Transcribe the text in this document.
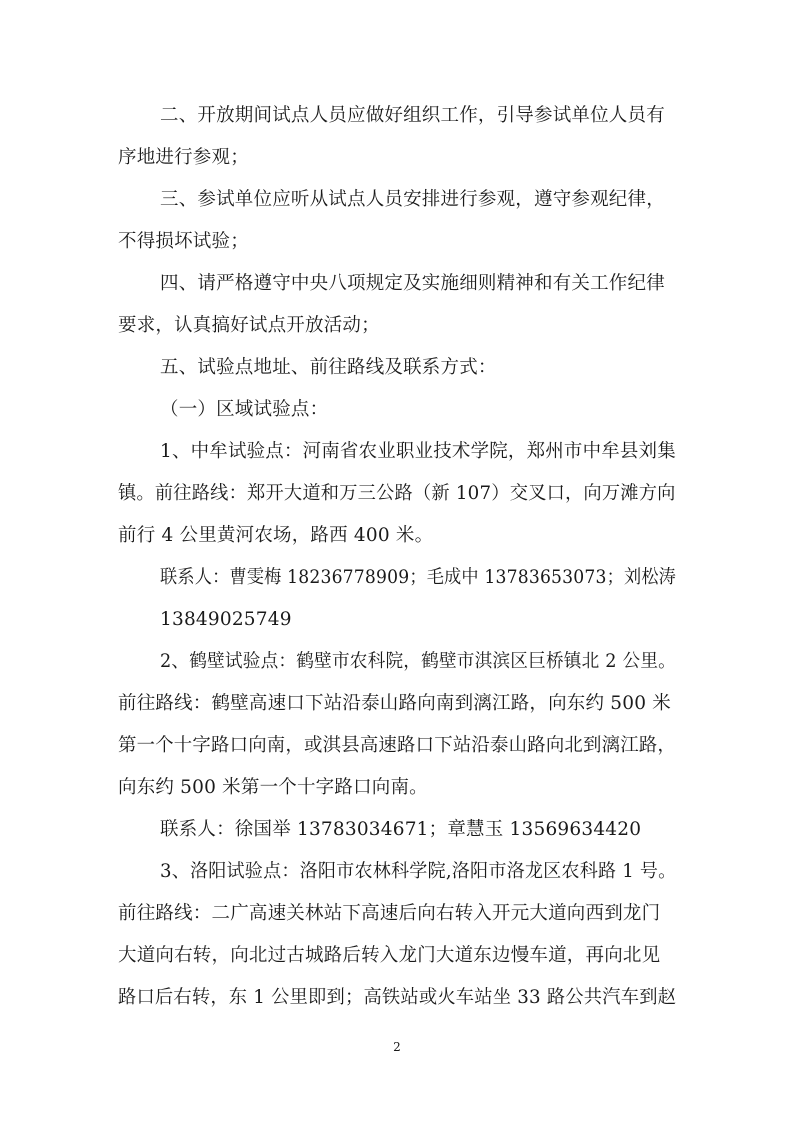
二、开放期间试点人员应做好组织工作，引导参试单位人员有
序地进行参观；
三、参试单位应听从试点人员安排进行参观，遵守参观纪律，
不得损坏试验；
四、请严格遵守中央八项规定及实施细则精神和有关工作纪律
要求，认真搞好试点开放活动；
五、试验点地址、前往路线及联系方式：
（一）区域试验点：
1、中牟试验点：河南省农业职业技术学院，郑州市中牟县刘集
镇。前往路线：郑开大道和万三公路（新 107）交叉口，向万滩方向
前行 4 公里黄河农场，路西 400 米。
联系人：曹雯梅 18236778909；毛成中 13783653073；刘松涛
13849025749
2、鹤壁试验点：鹤壁市农科院，鹤壁市淇滨区巨桥镇北 2 公里。
前往路线：鹤壁高速口下站沿泰山路向南到漓江路，向东约 500 米
第一个十字路口向南，或淇县高速路口下站沿泰山路向北到漓江路，
向东约 500 米第一个十字路口向南。
联系人：徐国举 13783034671；章慧玉 13569634420
3、洛阳试验点：洛阳市农林科学院,洛阳市洛龙区农科路 1 号。
前往路线：二广高速关林站下高速后向右转入开元大道向西到龙门
大道向右转，向北过古城路后转入龙门大道东边慢车道，再向北见
路口后右转，东 1 公里即到；高铁站或火车站坐 33 路公共汽车到赵
2
